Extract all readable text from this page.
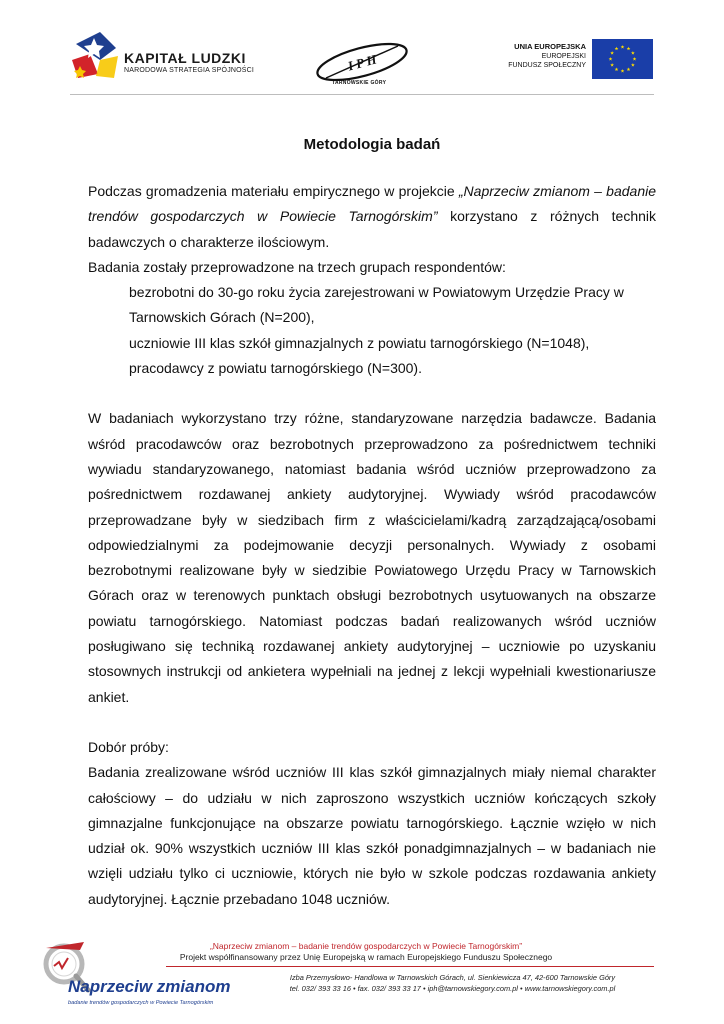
KAPITAŁ LUDZKI
NARODOWA STRATEGIA SPÓJNOŚCI	I P H
TARNOWSKIE GÓRY
UNIA EUROPEJSKA
EUROPEJSKI
FUNDUSZ SPOŁECZNY
Metodologia badań

Podczas gromadzenia materiału empirycznego w projekcie „Naprzeciw zmianom – badanie trendów gospodarczych w Powiecie Tarnogórskim” korzystano z różnych technik badawczych o charakterze ilościowym.

Badania zostały przeprowadzone na trzech grupach respondentów:

bezrobotni do 30-go roku życia zarejestrowani w Powiatowym Urzędzie Pracy w Tarnowskich Górach (N=200),

uczniowie III klas szkół gimnazjalnych z powiatu tarnogórskiego (N=1048),

pracodawcy z powiatu tarnogórskiego (N=300).

W badaniach wykorzystano trzy różne, standaryzowane narzędzia badawcze. Badania wśród pracodawców oraz bezrobotnych przeprowadzono za pośrednictwem techniki wywiadu standaryzowanego, natomiast badania wśród uczniów przeprowadzono za pośrednictwem rozdawanej ankiety audytoryjnej. Wywiady wśród pracodawców przeprowadzane były w siedzibach firm z właścicielami/kadrą zarządzającą/osobami odpowiedzialnymi za podejmowanie decyzji personalnych. Wywiady z osobami bezrobotnymi realizowane były w siedzibie Powiatowego Urzędu Pracy w Tarnowskich Górach oraz w terenowych punktach obsługi bezrobotnych usytuowanych na obszarze powiatu tarnogórskiego. Natomiast podczas badań realizowanych wśród uczniów posługiwano się techniką rozdawanej ankiety audytoryjnej – uczniowie po uzyskaniu stosownych instrukcji od ankietera wypełniali na jednej z lekcji wypełniali kwestionariusze ankiet.

Dobór próby:

Badania zrealizowane wśród uczniów III klas szkół gimnazjalnych miały niemal charakter całościowy – do udziału w nich zaproszono wszystkich uczniów kończących szkoły gimnazjalne funkcjonujące na obszarze powiatu tarnogórskiego. Łącznie wzięło w nich udział ok. 90% wszystkich uczniów III klas szkół ponadgimnazjalnych – w badaniach nie wzięli udziału tylko ci uczniowie, których nie było w szkole podczas rozdawania ankiety audytoryjnej. Łącznie przebadano 1048 uczniów.

Naprzeciw zmianom
badanie trendów gospodarczych w Powiecie Tarnogórskim
„Naprzeciw zmianom – badanie trendów gospodarczych w Powiecie Tarnogórskim”
Projekt współfinansowany przez Unię Europejską w ramach Europejskiego Funduszu Społecznego
Izba Przemysłowo- Handlowa w Tarnowskich Górach, ul. Sienkiewicza 47, 42-600 Tarnowskie Góry
tel. 032/ 393 33 16 • fax. 032/ 393 33 17 • iph@tarnowskiegory.com.pl • www.tarnowskiegory.com.pl
